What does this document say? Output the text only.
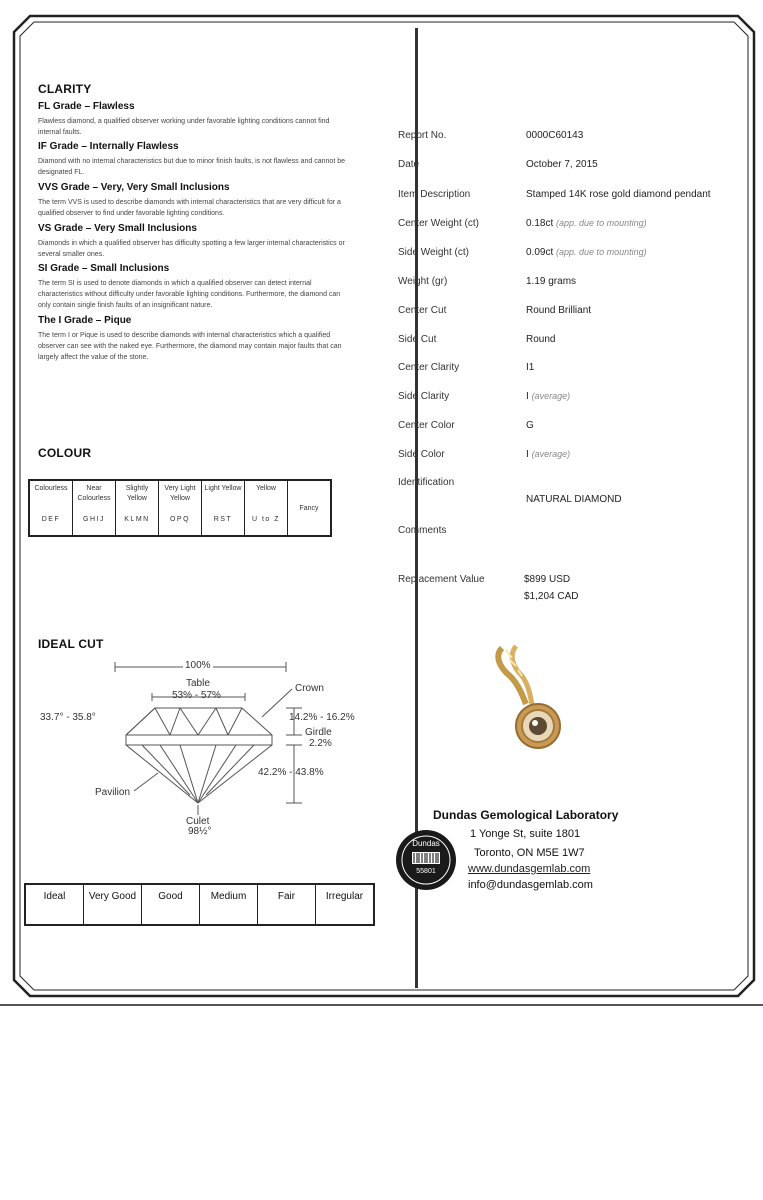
CLARITY
FL Grade – Flawless
Flawless diamond, a qualified observer working under favorable lighting conditions cannot find internal faults.
IF Grade – Internally Flawless
Diamond with no internal characteristics but due to minor finish faults, is not flawless and cannot be designated FL.
VVS Grade – Very, Very Small Inclusions
The term VVS is used to describe diamonds with internal characteristics that are very difficult for a qualified observer to find under favorable lighting conditions.
VS Grade – Very Small Inclusions
Diamonds in which a qualified observer has difficulty spotting a few larger internal characteristics or several smaller ones.
SI Grade – Small Inclusions
The term SI is used to denote diamonds in which a qualified observer can detect internal characteristics without difficulty under favorable lighting conditions. Furthermore, the diamond can only contain single finish faults of an insignificant nature.
The I Grade – Pique
The term I or Pique is used to describe diamonds with internal characteristics which a qualified observer can see with the naked eye. Furthermore, the diamond may contain major faults that can largely affect the value of the stone.
COLOUR
Colourless
DEF

Near Colourless
GHIJ

Slightly Yellow
KLMN

Very Light Yellow
OPQ

Light Yellow
RST

Yellow
U to Z

Fancy
IDEAL CUT
100%
Table
53% - 57%
Crown
33.7° - 35.8°	14.2% - 16.2%
Girdle
2.2%
42.2% - 43.8%
Pavilion
Culet
98½°
Ideal	Very Good	Good	Medium	Fair	Irregular
Report No.	0000C60143
Date	October 7, 2015
Item Description	Stamped 14K rose gold diamond pendant
Center Weight (ct)	0.18ct (app. due to mounting)
Side Weight (ct)	0.09ct (app. due to mounting)
Weight (gr)	1.19 grams
Center Cut	Round Brilliant
Side Cut	Round
Center Clarity	I1
Side Clarity	I (average)
Center Color	G
Side Color	I (average)
Identification
NATURAL DIAMOND
Comments
Replacement Value	$899 USD
$1,204 CAD
Dundas
55801
Dundas Gemological Laboratory
1 Yonge St, suite 1801
Toronto, ON M5E 1W7
www.dundasgemlab.com
info@dundasgemlab.com
